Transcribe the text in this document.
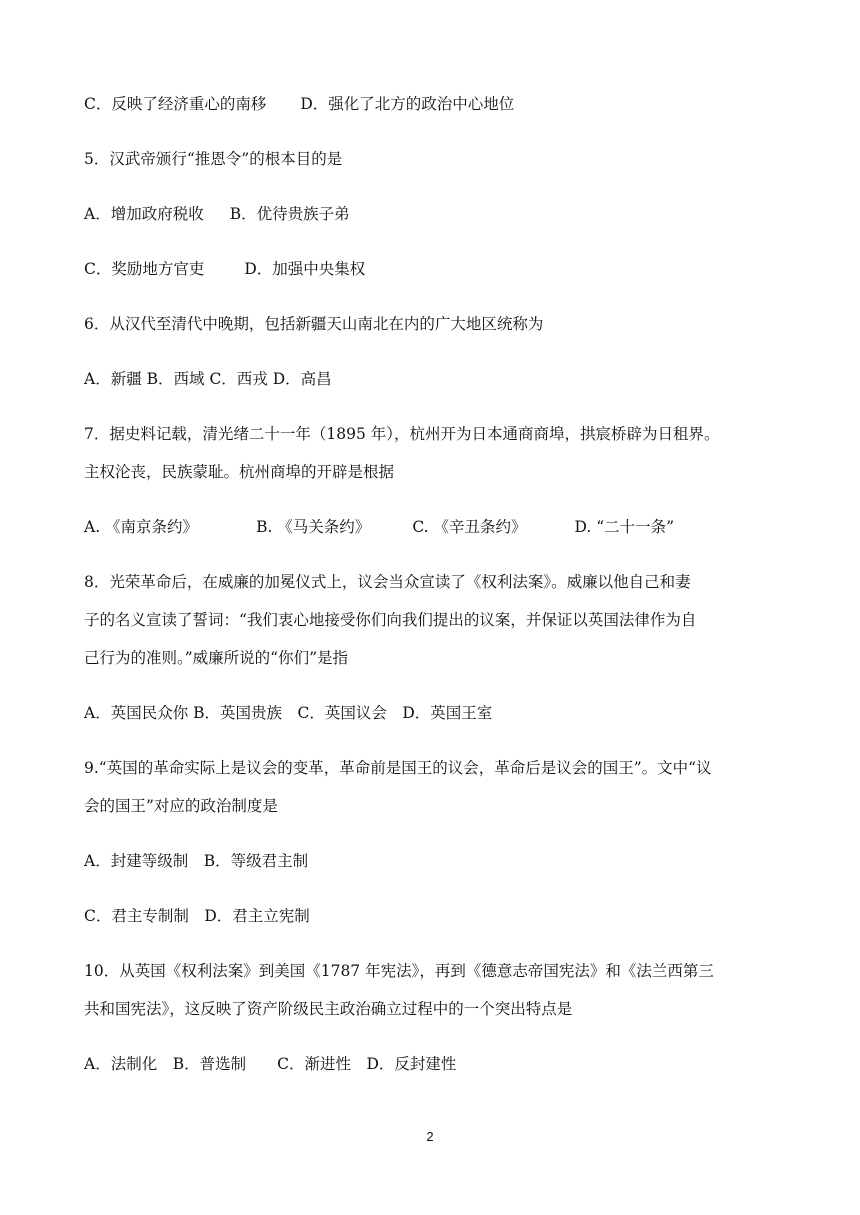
C．反映了经济重心的南移 D．强化了北方的政治中心地位
5．汉武帝颁行“推恩令”的根本目的是
A．增加政府税收 B．优待贵族子弟
C．奖励地方官吏	D．加强中央集权
6．从汉代至清代中晚期，包括新疆天山南北在内的广大地区统称为
A．新疆 B．西域 C．西戎 D．高昌
7．据史料记载，清光绪二十一年（1895 年），杭州开为日本通商商埠，拱宸桥辟为日租界。
主权沦丧，民族蒙耻。杭州商埠的开辟是根据
A. 《南京条约》	B. 《马关条约》	C. 《辛丑条约》	D. “二十一条”
8．光荣革命后，在威廉的加冕仪式上，议会当众宣读了《权利法案》。威廉以他自己和妻
子的名义宣读了誓词：“我们衷心地接受你们向我们提出的议案，并保证以英国法律作为自
己行为的准则。”威廉所说的“你们”是指
A．英国民众你 B．英国贵族　C．英国议会　D．英国王室
9.“英国的革命实际上是议会的变革，革命前是国王的议会，革命后是议会的国王”。文中“议
会的国王”对应的政治制度是
A．封建等级制　B．等级君主制
C．君主专制制　D．君主立宪制
10．从英国《权利法案》到美国《1787 年宪法》，再到《德意志帝国宪法》和《法兰西第三
共和国宪法》，这反映了资产阶级民主政治确立过程中的一个突出特点是
A．法制化　B．普选制　　C．渐进性　D．反封建性
2
